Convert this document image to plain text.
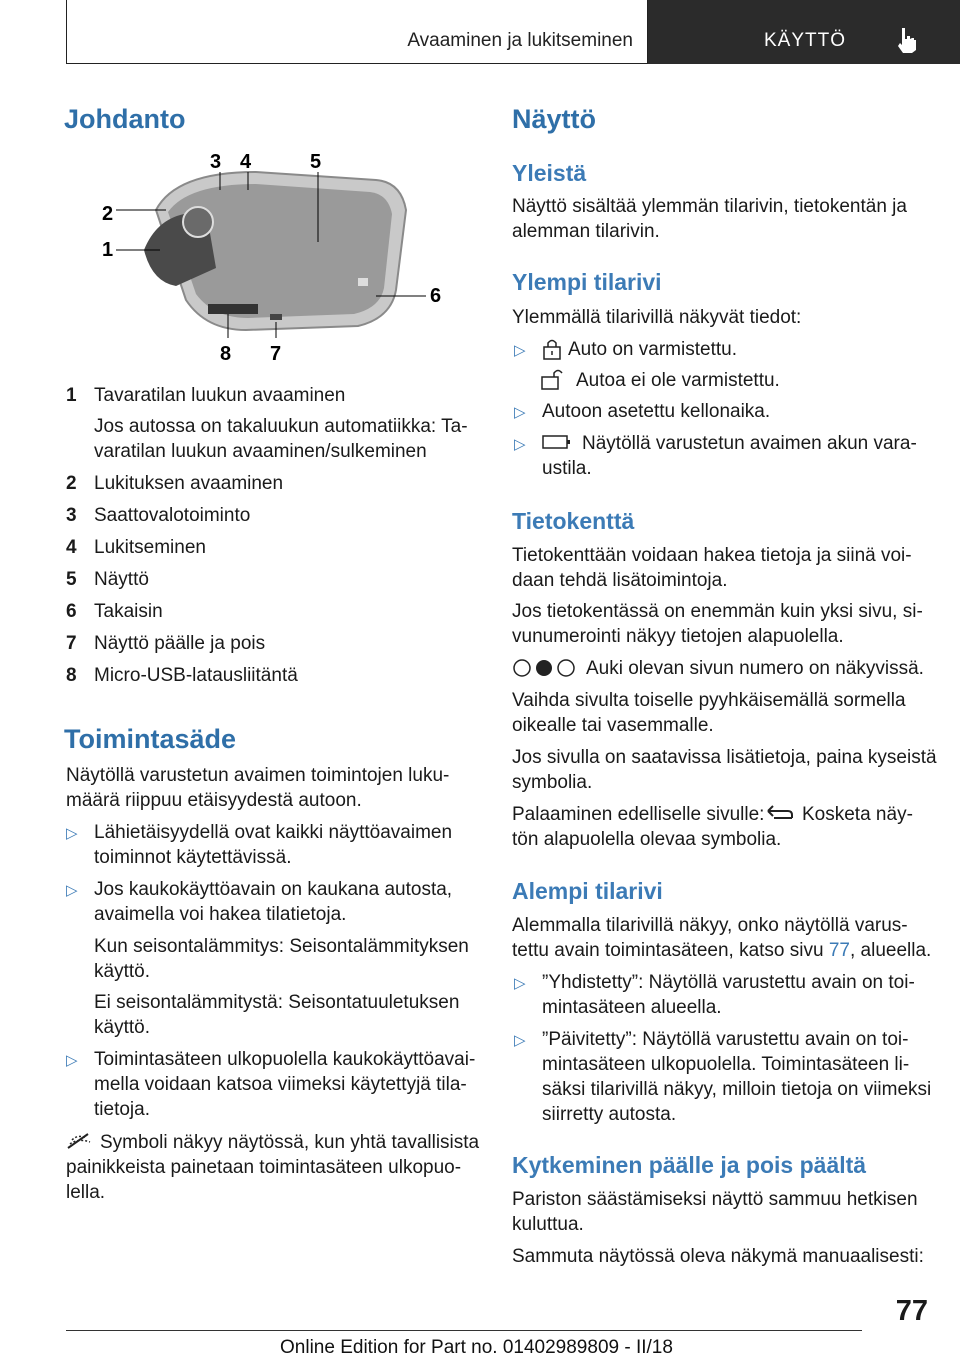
Avaaminen ja lukitseminen	KÄYTTÖ
Johdanto
1
2
3 4	5
6
7
8
1 Tavaratilan luukun avaaminen
Jos autossa on takaluukun automatiikka: Ta-
varatilan luukun avaaminen/sulkeminen
2 Lukituksen avaaminen
3 Saattovalotoiminto
4 Lukitseminen
5 Näyttö
6 Takaisin
7 Näyttö päälle ja pois
8 Micro-USB-latausliitäntä
Toimintasäde
Näytöllä varustetun avaimen toimintojen luku-
määrä riippuu etäisyydestä autoon.
▷ Lähietäisyydellä ovat kaikki näyttöavaimen
toiminnot käytettävissä.
▷ Jos kaukokäyttöavain on kaukana autosta,
avaimella voi hakea tilatietoja.
Kun seisontalämmitys: Seisontalämmityksen
käyttö.
Ei seisontalämmitystä: Seisontatuuletuksen
käyttö.
▷ Toimintasäteen ulkopuolella kaukokäyttöavai-
mella voidaan katsoa viimeksi käytettyjä tila-
tietoja.
Symboli näkyy näytössä, kun yhtä tavallisista
painikkeista painetaan toimintasäteen ulkopuo-
lella.
Näyttö
Yleistä
Näyttö sisältää ylemmän tilarivin, tietokentän ja
alemman tilarivin.
Ylempi tilarivi
Ylemmällä tilarivillä näkyvät tiedot:
▷ Auto on varmistettu.
Autoa ei ole varmistettu.
▷ Autoon asetettu kellonaika.
▷	Näytöllä varustetun avaimen akun vara-
ustila.
Tietokenttä
Tietokenttään voidaan hakea tietoja ja siinä voi-
daan tehdä lisätoimintoja.
Jos tietokentässä on enemmän kuin yksi sivu, si-
vunumerointi näkyy tietojen alapuolella.
Auki olevan sivun numero on näkyvissä.
Vaihda sivulta toiselle pyyhkäisemällä sormella
oikealle tai vasemmalle.
Jos sivulla on saatavissa lisätietoja, paina kyseistä
symbolia.
Palaaminen edelliselle sivulle: Kosketa näy-
tön alapuolella olevaa symbolia.
Alempi tilarivi
Alemmalla tilarivillä näkyy, onko näytöllä varus-
tettu avain toimintasäteen, katso sivu 77, alueella.
▷ ”Yhdistetty”: Näytöllä varustettu avain on toi-
mintasäteen alueella.
▷ ”Päivitetty”: Näytöllä varustettu avain on toi-
mintasäteen ulkopuolella. Toimintasäteen li-
säksi tilarivillä näkyy, milloin tietoja on viimeksi
siirretty autosta.
Kytkeminen päälle ja pois päältä
Pariston säästämiseksi näyttö sammuu hetkisen
kuluttua.
Sammuta näytössä oleva näkymä manuaalisesti:
77
Online Edition for Part no. 01402989809 - II/18
